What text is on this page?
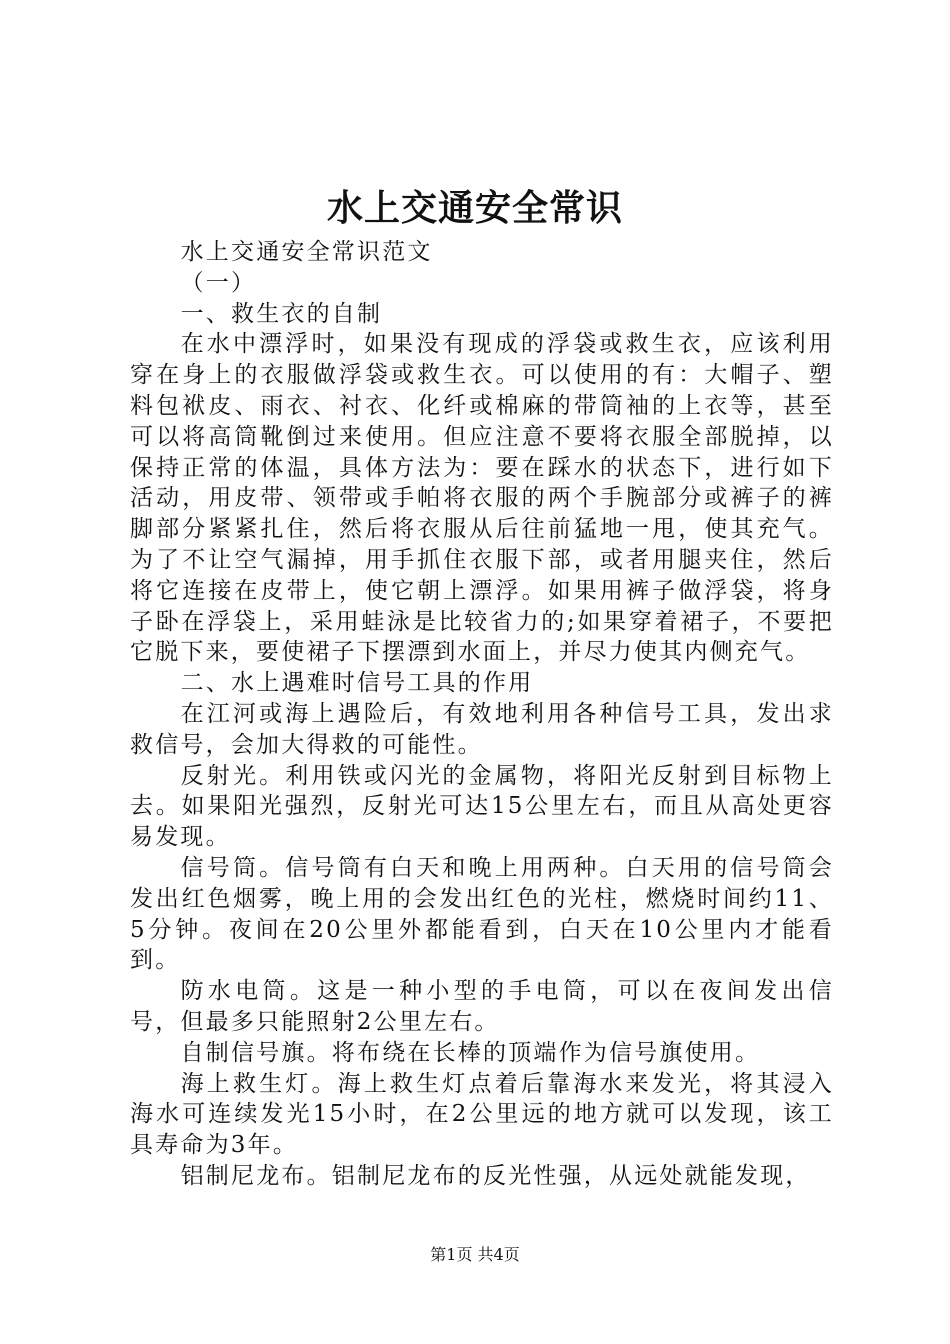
水上交通安全常识

水上交通安全常识范文

（一）

一、救生衣的自制

在水中漂浮时，如果没有现成的浮袋或救生衣，应该利用穿在身上的衣服做浮袋或救生衣。可以使用的有：大帽子、塑料包袱皮、雨衣、衬衣、化纤或棉麻的带筒袖的上衣等，甚至可以将高筒靴倒过来使用。但应注意不要将衣服全部脱掉，以保持正常的体温，具体方法为：要在踩水的状态下，进行如下活动，用皮带、领带或手帕将衣服的两个手腕部分或裤子的裤脚部分紧紧扎住，然后将衣服从后往前猛地一甩，使其充气。为了不让空气漏掉，用手抓住衣服下部，或者用腿夹住，然后将它连接在皮带上，使它朝上漂浮。如果用裤子做浮袋，将身子卧在浮袋上，采用蛙泳是比较省力的;如果穿着裙子，不要把它脱下来，要使裙子下摆漂到水面上，并尽力使其内侧充气。

二、水上遇难时信号工具的作用

在江河或海上遇险后，有效地利用各种信号工具，发出求救信号，会加大得救的可能性。

反射光。利用铁或闪光的金属物，将阳光反射到目标物上去。如果阳光强烈，反射光可达15公里左右，而且从高处更容易发现。

信号筒。信号筒有白天和晚上用两种。白天用的信号筒会发出红色烟雾，晚上用的会发出红色的光柱，燃烧时间约11、5分钟。夜间在20公里外都能看到，白天在10公里内才能看到。

防水电筒。这是一种小型的手电筒，可以在夜间发出信号，但最多只能照射2公里左右。

自制信号旗。将布绕在长棒的顶端作为信号旗使用。

海上救生灯。海上救生灯点着后靠海水来发光，将其浸入海水可连续发光15小时，在2公里远的地方就可以发现，该工具寿命为3年。

铝制尼龙布。铝制尼龙布的反光性强，从远处就能发现，

第1页 共4页
